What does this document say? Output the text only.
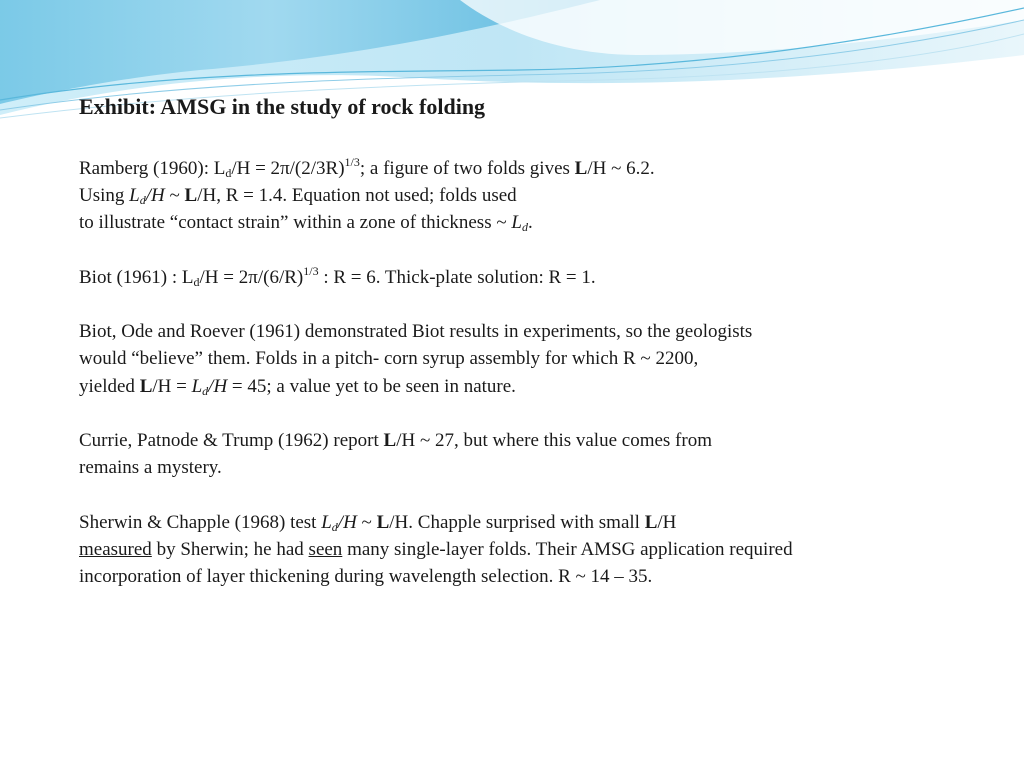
Exhibit: AMSG in the study of rock folding
Ramberg (1960): $L_d/H = 2\pi/(2/3R)^{1/3}$; a figure of two folds gives L/H ~ 6.2.
Using $L_d/H$ ~ L/H, R = 1.4. Equation not used; folds used
to illustrate “contact strain” within a zone of thickness ~ $L_d$.
Biot (1961) : $L_d/H = 2\pi/(6/R)^{1/3}$ : R = 6. Thick-plate solution: R = 1.
Biot, Ode and Roever (1961) demonstrated Biot results in experiments, so the geologists
would “believe” them. Folds in a pitch- corn syrup assembly for which R ~ 2200,
yielded $L/H = L_d/H = 45$; a value yet to be seen in nature.
Currie, Patnode & Trump (1962) report L/H ~ 27, but where this value comes from
remains a mystery.
Sherwin & Chapple (1968) test $L_d/H$ ~ L/H. Chapple surprised with small L/H
measured by Sherwin; he had seen many single-layer folds. Their AMSG application required
incorporation of layer thickening during wavelength selection. R ~ 14 – 35.
